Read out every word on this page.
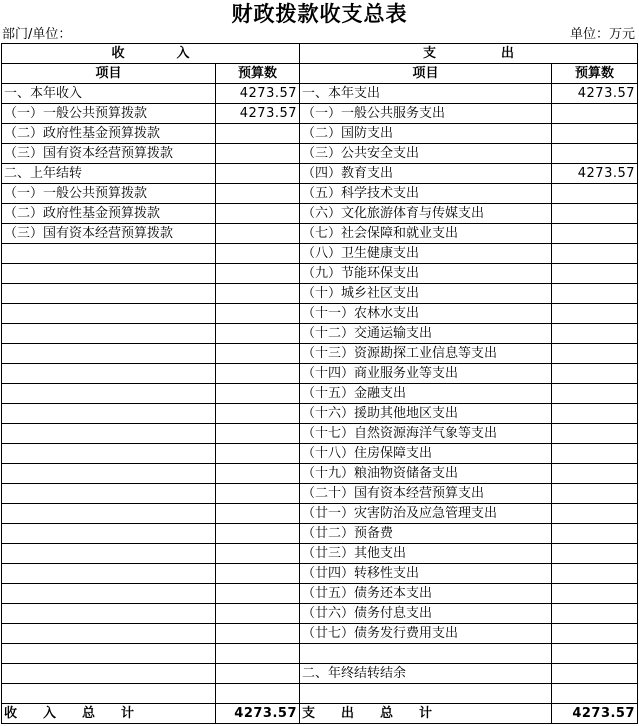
财政拨款收支总表
部门/单位：	单位：万元
收　　　　入		支　　　　　出	
项目	预算数	项目	预算数
一、本年收入	4273.57	一、本年支出	4273.57
（一）一般公共预算拨款	4273.57	（一）一般公共服务支出	
（二）政府性基金预算拨款		（二）国防支出	
（三）国有资本经营预算拨款		（三）公共安全支出	
二、上年结转		（四）教育支出	4273.57
（一）一般公共预算拨款		（五）科学技术支出	
（二）政府性基金预算拨款		（六）文化旅游体育与传媒支出	
（三）国有资本经营预算拨款		（七）社会保障和就业支出	
		（八）卫生健康支出	
		（九）节能环保支出	
		（十）城乡社区支出	
		（十一）农林水支出	
		（十二）交通运输支出	
		（十三）资源勘探工业信息等支出	
		（十四）商业服务业等支出	
		（十五）金融支出	
		（十六）援助其他地区支出	
		（十七）自然资源海洋气象等支出	
		（十八）住房保障支出	
		（十九）粮油物资储备支出	
		（二十）国有资本经营预算支出	
		（廿一）灾害防治及应急管理支出	
		（廿二）预备费	
		（廿三）其他支出	
		（廿四）转移性支出	
		（廿五）债务还本支出	
		（廿六）债务付息支出	
		（廿七）债务发行费用支出	

		二、年终结转结余	

收　　入　　总　　计	4273.57	支　　出　　总　　计	4273.57
